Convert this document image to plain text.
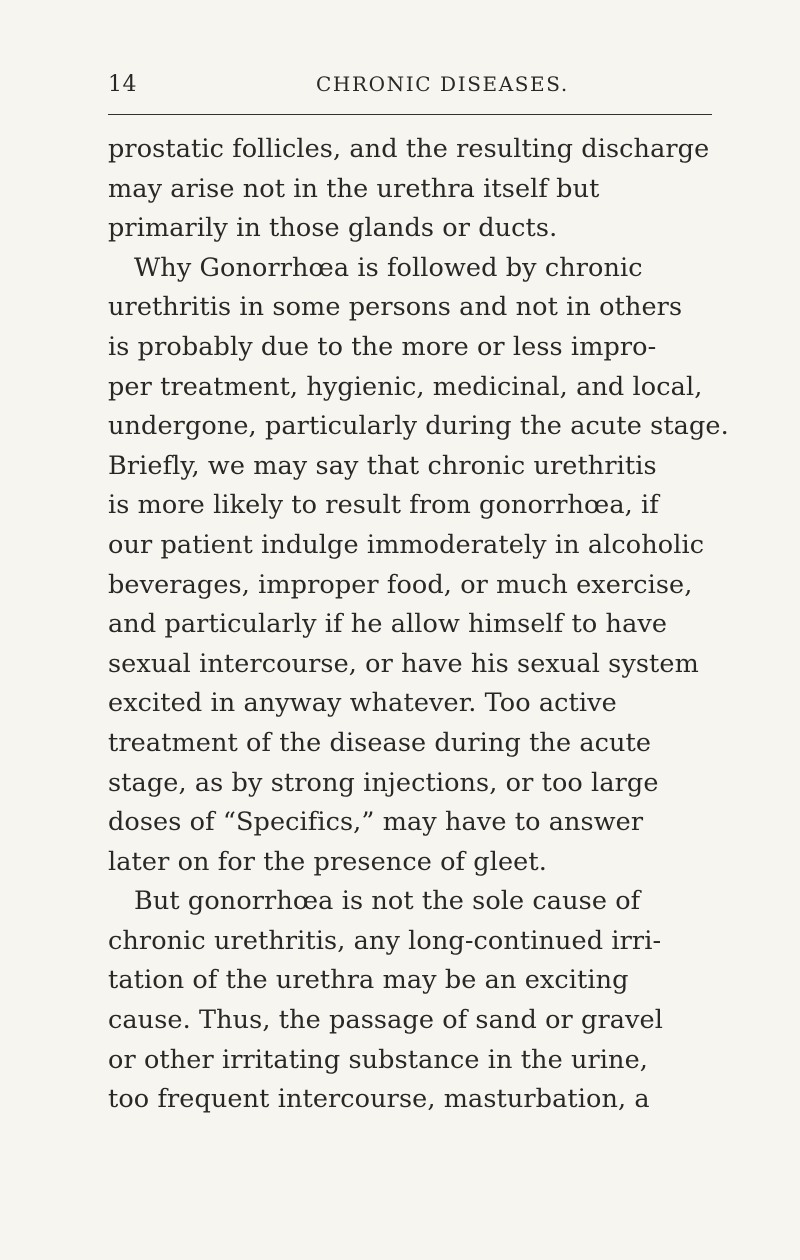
14	CHRONIC DISEASES.
prostatic follicles, and the resulting discharge
may arise not in the urethra itself but
primarily in those glands or ducts.
Why Gonorrhœa is followed by chronic
urethritis in some persons and not in others
is probably due to the more or less impro-
per treatment, hygienic, medicinal, and local,
undergone, particularly during the acute stage.
Briefly, we may say that chronic urethritis
is more likely to result from gonorrhœa, if
our patient indulge immoderately in alcoholic
beverages, improper food, or much exercise,
and particularly if he allow himself to have
sexual intercourse, or have his sexual system
excited in anyway whatever. Too active
treatment of the disease during the acute
stage, as by strong injections, or too large
doses of “Specifics,” may have to answer
later on for the presence of gleet.
But gonorrhœa is not the sole cause of
chronic urethritis, any long-continued irri-
tation of the urethra may be an exciting
cause. Thus, the passage of sand or gravel
or other irritating substance in the urine,
too frequent intercourse, masturbation, a
